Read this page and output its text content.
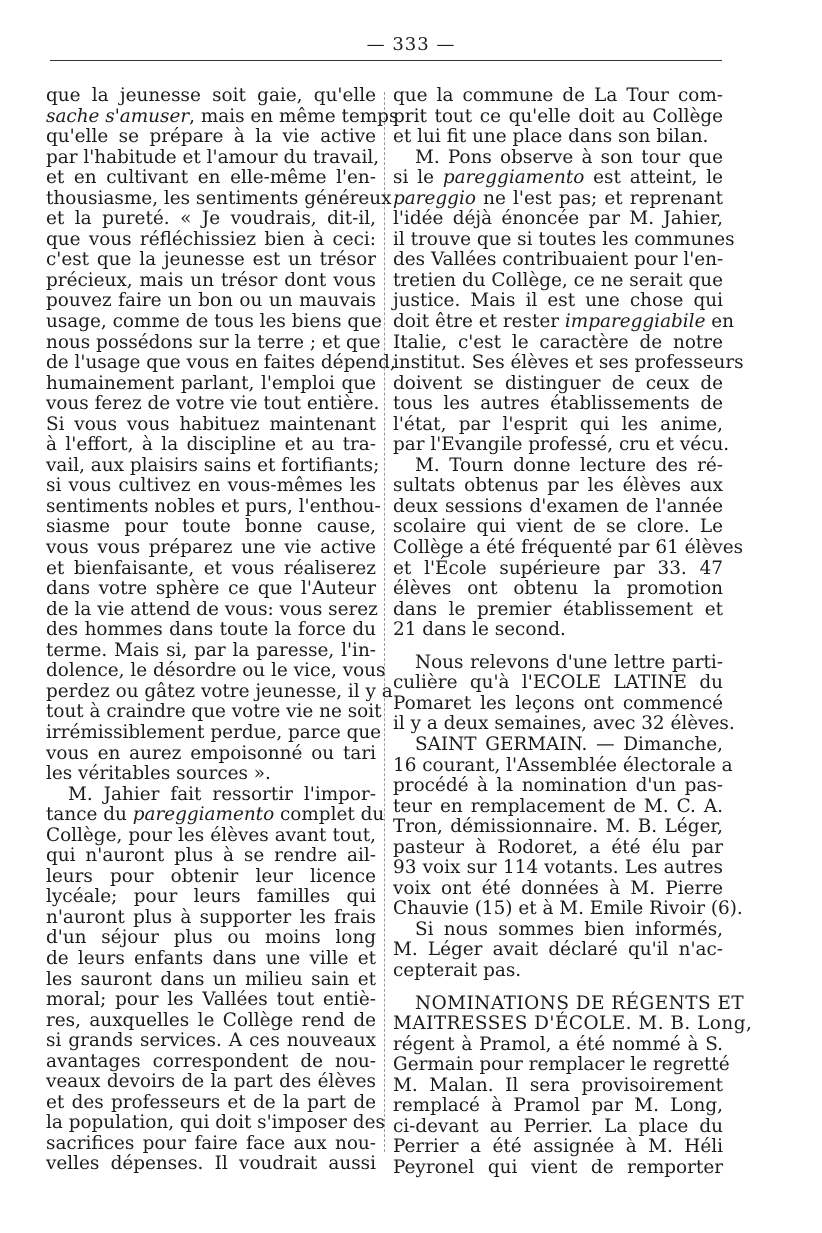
— 333 —
que la jeunesse soit gaie, qu'elle
sache s'amuser, mais en même temps
qu'elle se prépare à la vie active
par l'habitude et l'amour du travail,
et en cultivant en elle-même l'en-
thousiasme, les sentiments généreux
et la pureté. « Je voudrais, dit-il,
que vous réfléchissiez bien à ceci:
c'est que la jeunesse est un trésor
précieux, mais un trésor dont vous
pouvez faire un bon ou un mauvais
usage, comme de tous les biens que
nous possédons sur la terre ; et que
de l'usage que vous en faites dépend,
humainement parlant, l'emploi que
vous ferez de votre vie tout entière.
Si vous vous habituez maintenant
à l'effort, à la discipline et au tra-
vail, aux plaisirs sains et fortifiants;
si vous cultivez en vous-mêmes les
sentiments nobles et purs, l'enthou-
siasme pour toute bonne cause,
vous vous préparez une vie active
et bienfaisante, et vous réaliserez
dans votre sphère ce que l'Auteur
de la vie attend de vous: vous serez
des hommes dans toute la force du
terme. Mais si, par la paresse, l'in-
dolence, le désordre ou le vice, vous
perdez ou gâtez votre jeunesse, il y a
tout à craindre que votre vie ne soit
irrémissiblement perdue, parce que
vous en aurez empoisonné ou tari
les véritables sources ».
M. Jahier fait ressortir l'impor-
tance du pareggiamento complet du
Collège, pour les élèves avant tout,
qui n'auront plus à se rendre ail-
leurs pour obtenir leur licence
lycéale; pour leurs familles qui
n'auront plus à supporter les frais
d'un séjour plus ou moins long
de leurs enfants dans une ville et
les sauront dans un milieu sain et
moral; pour les Vallées tout entiè-
res, auxquelles le Collège rend de
si grands services. A ces nouveaux
avantages correspondent de nou-
veaux devoirs de la part des élèves
et des professeurs et de la part de
la population, qui doit s'imposer des
sacrifices pour faire face aux nou-
velles dépenses. Il voudrait aussi
que la commune de La Tour com-
prit tout ce qu'elle doit au Collège
et lui fit une place dans son bilan.
M. Pons observe à son tour que
si le pareggiamento est atteint, le
pareggio ne l'est pas; et reprenant
l'idée déjà énoncée par M. Jahier,
il trouve que si toutes les communes
des Vallées contribuaient pour l'en-
tretien du Collège, ce ne serait que
justice. Mais il est une chose qui
doit être et rester impareggiabile en
Italie, c'est le caractère de notre
institut. Ses élèves et ses professeurs
doivent se distinguer de ceux de
tous les autres établissements de
l'état, par l'esprit qui les anime,
par l'Evangile professé, cru et vécu.
M. Tourn donne lecture des ré-
sultats obtenus par les élèves aux
deux sessions d'examen de l'année
scolaire qui vient de se clore. Le
Collège a été fréquenté par 61 élèves
et l'École supérieure par 33. 47
élèves ont obtenu la promotion
dans le premier établissement et
21 dans le second.
Nous relevons d'une lettre parti-
culière qu'à l'ECOLE LATINE du
Pomaret les leçons ont commencé
il y a deux semaines, avec 32 élèves.
SAINT GERMAIN. — Dimanche,
16 courant, l'Assemblée électorale a
procédé à la nomination d'un pas-
teur en remplacement de M. C. A.
Tron, démissionnaire. M. B. Léger,
pasteur à Rodoret, a été élu par
93 voix sur 114 votants. Les autres
voix ont été données à M. Pierre
Chauvie (15) et à M. Emile Rivoir (6).
Si nous sommes bien informés,
M. Léger avait déclaré qu'il n'ac-
cepterait pas.
NOMINATIONS DE RÉGENTS ET
MAITRESSES D'ÉCOLE. M. B. Long,
régent à Pramol, a été nommé à S.
Germain pour remplacer le regretté
M. Malan. Il sera provisoirement
remplacé à Pramol par M. Long,
ci-devant au Perrier. La place du
Perrier a été assignée à M. Héli
Peyronel qui vient de remporter
